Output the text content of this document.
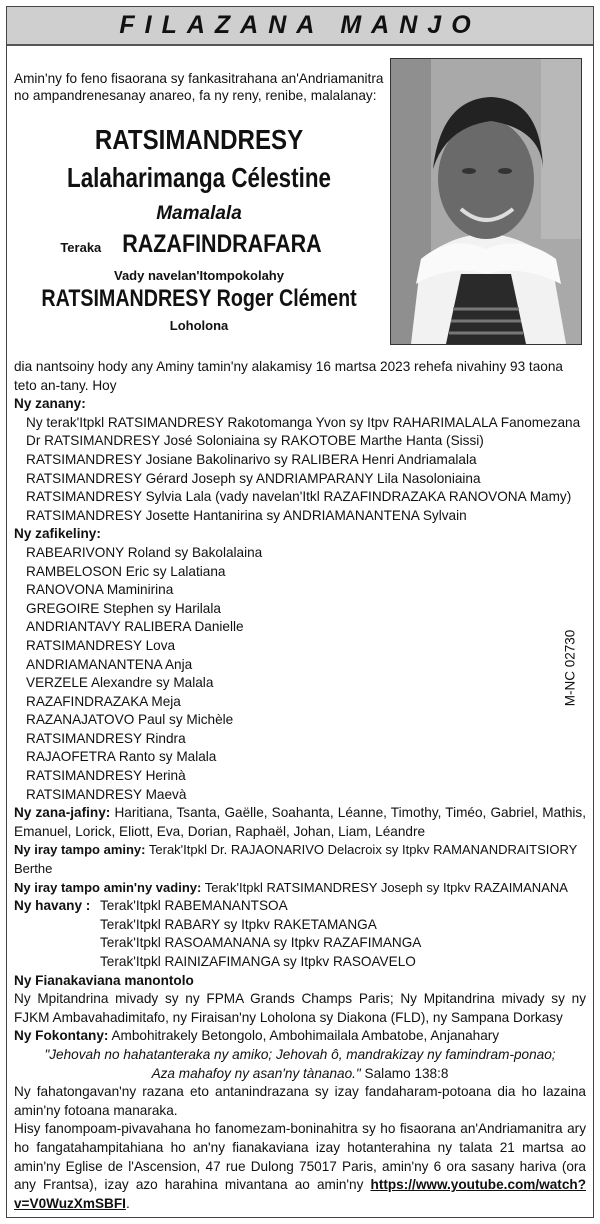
FILAZANA MANJO
Amin'ny fo feno fisaorana sy fankasitrahana an'Andriamanitra no ampandrenesanay anareo, fa ny reny, renibe, malalanay:
RATSIMANDRESY
Lalaharimanga Célestine
Mamalala
Teraka RAZAFINDRAFARA
Vady navelan'Itompokolahy
RATSIMANDRESY Roger Clément
Loholona

dia nantsoiny hody any Aminy tamin'ny alakamisy 16 martsa 2023 rehefa nivahiny 93 taona teto an-tany. Hoy

Ny zanany:

Ny terak'Itpkl RATSIMANDRESY Rakotomanga Yvon sy Itpv RAHARIMALALA Fanomezana

Dr RATSIMANDRESY José Soloniaina sy RAKOTOBE Marthe Hanta (Sissi)

RATSIMANDRESY Josiane Bakolinarivo sy RALIBERA Henri Andriamalala

RATSIMANDRESY Gérard Joseph sy ANDRIAMPARANY Lila Nasoloniaina

RATSIMANDRESY Sylvia Lala (vady navelan'Itkl RAZAFINDRAZAKA RANOVONA Mamy)

RATSIMANDRESY Josette Hantanirina sy ANDRIAMANANTENA Sylvain

Ny zafikeliny:

RABEARIVONY Roland sy Bakolalaina

RAMBELOSON Eric sy Lalatiana

RANOVONA Maminirina

GREGOIRE Stephen sy Harilala

ANDRIANTAVY RALIBERA Danielle

RATSIMANDRESY Lova

ANDRIAMANANTENA Anja

VERZELE Alexandre sy Malala

RAZAFINDRAZAKA Meja

RAZANAJATOVO Paul sy Michèle

RATSIMANDRESY Rindra

RAJAOFETRA Ranto sy Malala

RATSIMANDRESY Herinà

RATSIMANDRESY Maevà

Ny zana-jafiny: Haritiana, Tsanta, Gaëlle, Soahanta, Léanne, Timothy, Timéo, Gabriel, Mathis, Emanuel, Lorick, Eliott, Eva, Dorian, Raphaël, Johan, Liam, Léandre

Ny iray tampo aminy: Terak'Itpkl Dr. RAJAONARIVO Delacroix sy Itpkv RAMANANDRAITSIORY Berthe

Ny iray tampo amin'ny vadiny: Terak'Itpkl RATSIMANDRESY Joseph sy Itpkv RAZAIMANANA

Ny havany : Terak'Itpkl RABEMANANTSOA

Terak'Itpkl RABARY sy Itpkv RAKETAMANGA

Terak'Itpkl RASOAMANANA sy Itpkv RAZAFIMANGA

Terak'Itpkl RAINIZAFIMANGA sy Itpkv RASOAVELO

Ny Fianakaviana manontolo

Ny Mpitandrina mivady sy ny FPMA Grands Champs Paris; Ny Mpitandrina mivady sy ny FJKM Ambavahadimitafo, ny Firaisan'ny Loholona sy Diakona (FLD), ny Sampana Dorkasy

Ny Fokontany: Ambohitrakely Betongolo, Ambohimailala Ambatobe, Anjanahary

"Jehovah no hahatanteraka ny amiko; Jehovah ô, mandrakizay ny famindram-ponao;

Aza mahafoy ny asan'ny tànanao." Salamo 138:8

Ny fahatongavan'ny razana eto antanindrazana sy izay fandaharam-potoana dia ho lazaina amin'ny fotoana manaraka.

Hisy fanompoam-pivavahana ho fanomezam-boninahitra sy ho fisaorana an'Andriamanitra ary ho fangatahampitahiana ho an'ny fianakaviana izay hotanterahina ny talata 21 martsa ao amin'ny Eglise de l'Ascension, 47 rue Dulong 75017 Paris, amin'ny 6 ora sasany hariva (ora any Frantsa), izay azo harahina mivantana ao amin'ny https://www.youtube.com/watch?v=V0WuzXmSBFI.

M-NC 02730
